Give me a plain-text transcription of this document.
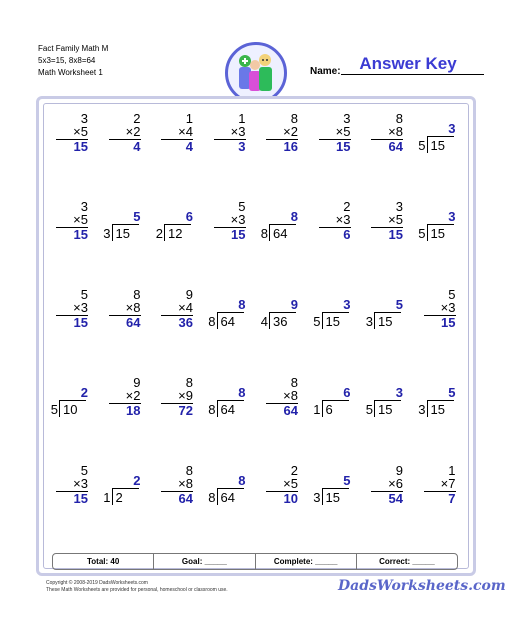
Fact Family Math M
5x3=15, 8x8=64
Math Worksheet 1	Name:	Answer Key
3
×5
15
2
×2
4
1
×4
4
1
×3
3
8
×2
16
3
×5
15
8
×8
64
3
5 15
3
×5
15
5
3 15
6
2 12
5
×3
15
8
8 64
2
×3
6
3
×5
15
3
5 15
5
×3
15
8
×8
64
9
×4
36
8
8 64
9
4 36
3
5 15
5
3 15
5
×3
15
2
5 10
9
×2
18
8
×9
72
8
8 64
8
×8
64
6
1 6
3
5 15
5
3 15
5
×3
15
2
1 2
8
×8
64
8
8 64
2
×5
10
5
3 15
9
×6
54
1
×7
7
Total: 40	Goal: _____	Complete: _____	Correct: _____
Copyright © 2008-2019 DadsWorksheets.com
These Math Worksheets are provided for personal, homeschool or classroom use.	DadsWorksheets.com
